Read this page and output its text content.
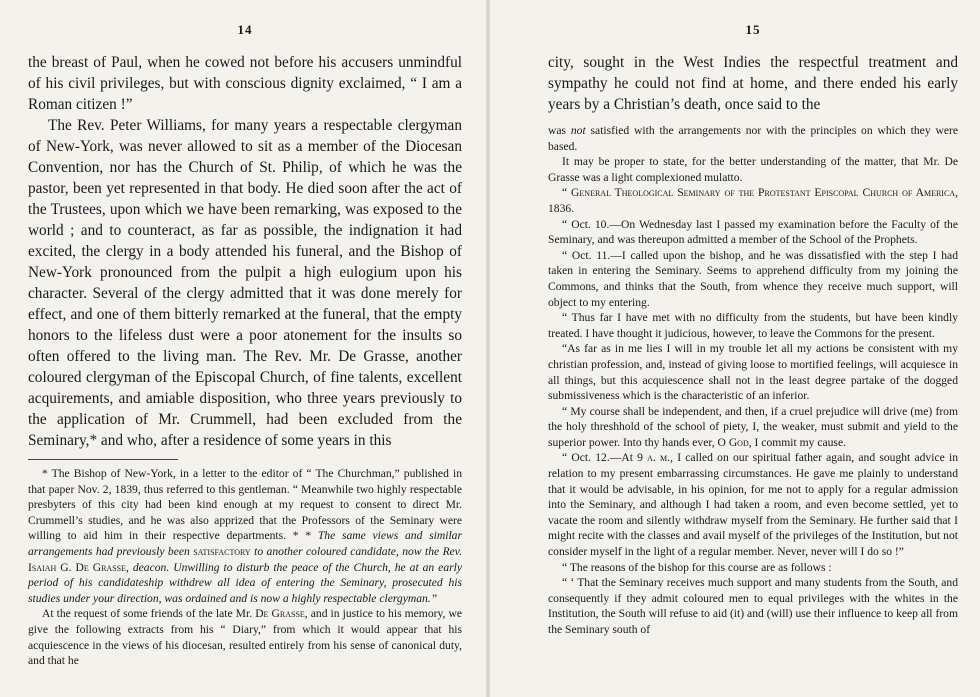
14

the breast of Paul, when he cowed not before his accusers unmindful of his civil privileges, but with conscious dignity exclaimed, “ I am a Roman citizen !”

The Rev. Peter Williams, for many years a respectable clergyman of New-York, was never allowed to sit as a member of the Diocesan Convention, nor has the Church of St. Philip, of which he was the pastor, been yet represented in that body. He died soon after the act of the Trustees, upon which we have been remarking, was exposed to the world ; and to counteract, as far as possible, the indignation it had excited, the clergy in a body attended his funeral, and the Bishop of New-York pronounced from the pulpit a high eulogium upon his character. Several of the clergy admitted that it was done merely for effect, and one of them bitterly remarked at the funeral, that the empty honors to the lifeless dust were a poor atonement for the insults so often offered to the living man. The Rev. Mr. De Grasse, another coloured clergyman of the Episcopal Church, of fine talents, excellent acquirements, and amiable disposition, who three years previously to the application of Mr. Crummell, had been excluded from the Seminary,* and who, after a residence of some years in this

* The Bishop of New-York, in a letter to the editor of “ The Churchman,” published in that paper Nov. 2, 1839, thus referred to this gentleman. “ Meanwhile two highly respectable presbyters of this city had been kind enough at my request to consent to direct Mr. Crummell’s studies, and he was also apprized that the Professors of the Seminary were willing to aid him in their respective departments. * * The same views and similar arrangements had previously been satisfactory to another coloured candidate, now the Rev. Isaiah G. De Grasse, deacon. Unwilling to disturb the peace of the Church, he at an early period of his candidateship withdrew all idea of entering the Seminary, prosecuted his studies under your direction, was ordained and is now a highly respectable clergyman.”

At the request of some friends of the late Mr. De Grasse, and in justice to his memory, we give the following extracts from his “ Diary,” from which it would appear that his acquiescence in the views of his diocesan, resulted entirely from his sense of canonical duty, and that he

15

city, sought in the West Indies the respectful treatment and sympathy he could not find at home, and there ended his early years by a Christian’s death, once said to the

was not satisfied with the arrangements nor with the principles on which they were based.

It may be proper to state, for the better understanding of the matter, that Mr. De Grasse was a light complexioned mulatto.

“ General Theological Seminary of the Protestant Episcopal Church of America, 1836.

“ Oct. 10.—On Wednesday last I passed my examination before the Faculty of the Seminary, and was thereupon admitted a member of the School of the Prophets.

“ Oct. 11.—I called upon the bishop, and he was dissatisfied with the step I had taken in entering the Seminary. Seems to apprehend difficulty from my joining the Commons, and thinks that the South, from whence they receive much support, will object to my entering.

“ Thus far I have met with no difficulty from the students, but have been kindly treated. I have thought it judicious, however, to leave the Commons for the present.

“As far as in me lies I will in my trouble let all my actions be consistent with my christian profession, and, instead of giving loose to mortified feelings, will acquiesce in all things, but this acquiescence shall not in the least degree partake of the dogged submissiveness which is the characteristic of an inferior.

“ My course shall be independent, and then, if a cruel prejudice will drive (me) from the holy threshhold of the school of piety, I, the weaker, must submit and yield to the superior power. Into thy hands ever, O God, I commit my cause.

“ Oct. 12.—At 9 a. m., I called on our spiritual father again, and sought advice in relation to my present embarrassing circumstances. He gave me plainly to understand that it would be advisable, in his opinion, for me not to apply for a regular admission into the Seminary, and although I had taken a room, and even become settled, yet to vacate the room and silently withdraw myself from the Seminary. He further said that I might recite with the classes and avail myself of the privileges of the Institution, but not consider myself in the light of a regular member. Never, never will I do so !”

“ The reasons of the bishop for this course are as follows :

“ ‘ That the Seminary receives much support and many students from the South, and consequently if they admit coloured men to equal privileges with the whites in the Institution, the South will refuse to aid (it) and (will) use their influence to keep all from the Seminary south of
